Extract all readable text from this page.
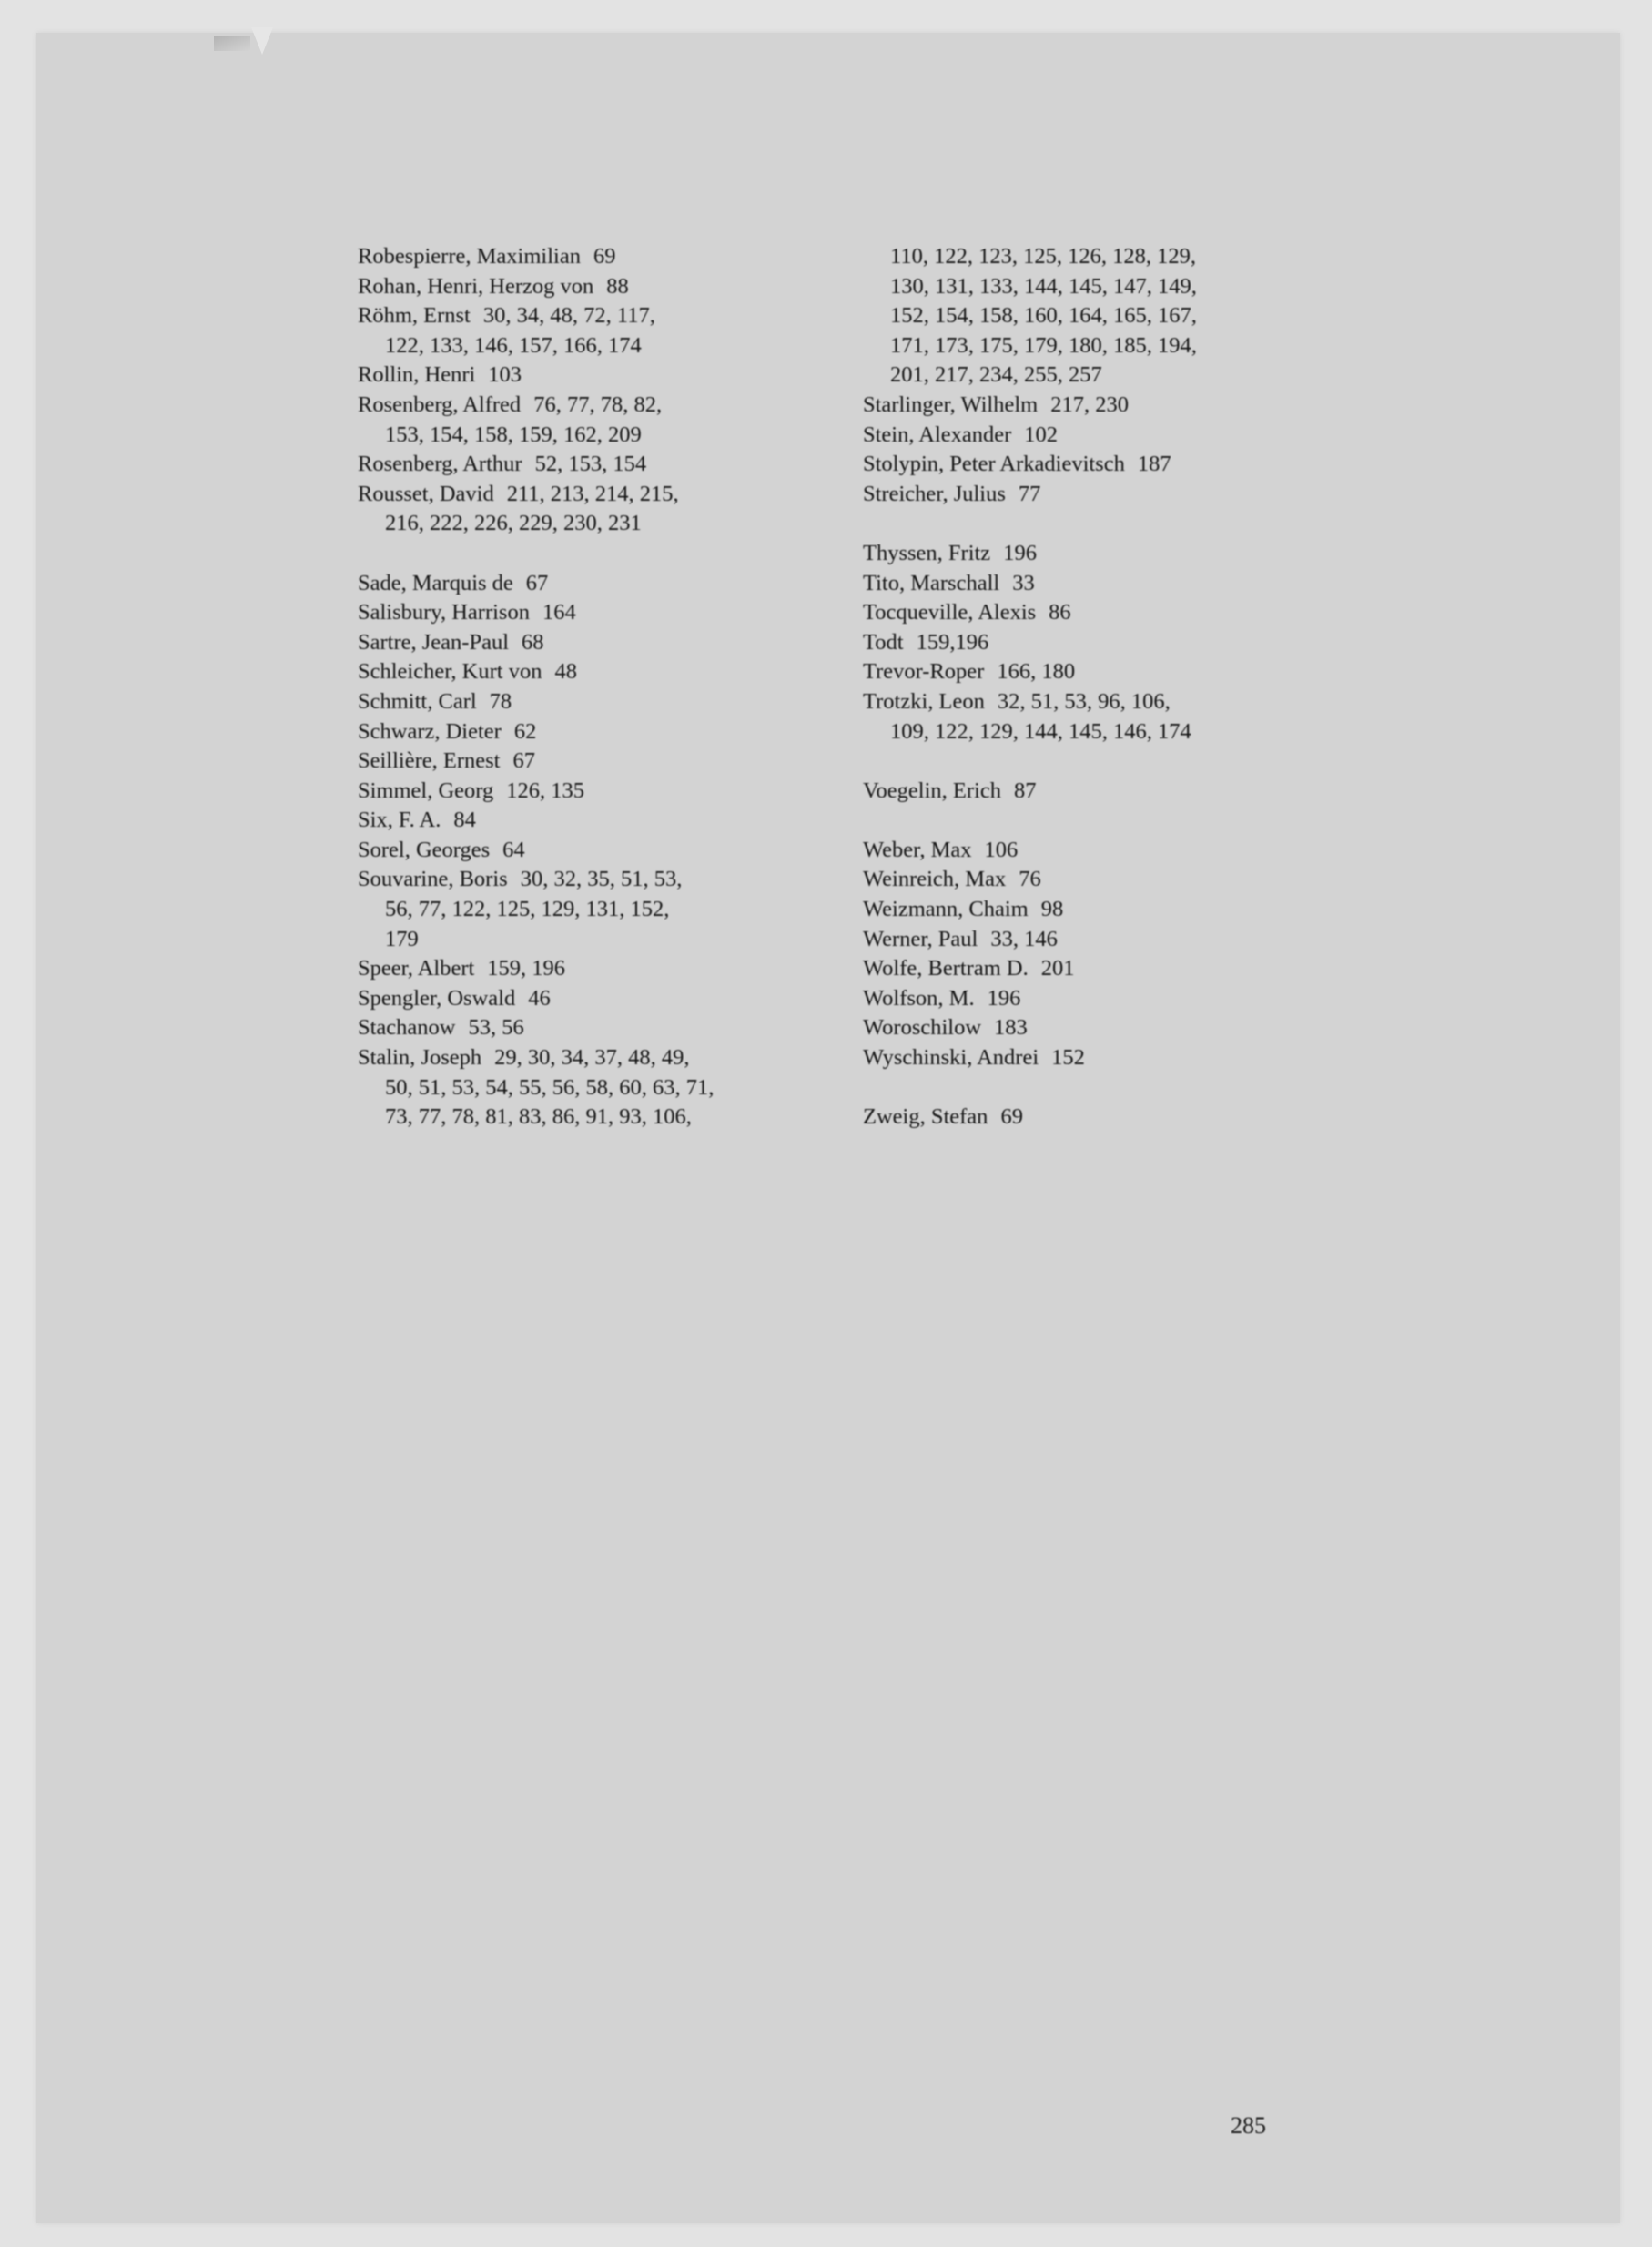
Robespierre, Maximilian 69
Rohan, Henri, Herzog von 88
Röhm, Ernst 30, 34, 48, 72, 117,
122, 133, 146, 157, 166, 174
Rollin, Henri 103
Rosenberg, Alfred 76, 77, 78, 82,
153, 154, 158, 159, 162, 209
Rosenberg, Arthur 52, 153, 154
Rousset, David 211, 213, 214, 215,
216, 222, 226, 229, 230, 231
Sade, Marquis de 67
Salisbury, Harrison 164
Sartre, Jean-Paul 68
Schleicher, Kurt von 48
Schmitt, Carl 78
Schwarz, Dieter 62
Seillière, Ernest 67
Simmel, Georg 126, 135
Six, F. A. 84
Sorel, Georges 64
Souvarine, Boris 30, 32, 35, 51, 53,
56, 77, 122, 125, 129, 131, 152,
179
Speer, Albert 159, 196
Spengler, Oswald 46
Stachanow 53, 56
Stalin, Joseph 29, 30, 34, 37, 48, 49,
50, 51, 53, 54, 55, 56, 58, 60, 63, 71,
73, 77, 78, 81, 83, 86, 91, 93, 106,
110, 122, 123, 125, 126, 128, 129,
130, 131, 133, 144, 145, 147, 149,
152, 154, 158, 160, 164, 165, 167,
171, 173, 175, 179, 180, 185, 194,
201, 217, 234, 255, 257
Starlinger, Wilhelm 217, 230
Stein, Alexander 102
Stolypin, Peter Arkadievitsch 187
Streicher, Julius 77
Thyssen, Fritz 196
Tito, Marschall 33
Tocqueville, Alexis 86
Todt 159,196
Trevor-Roper 166, 180
Trotzki, Leon 32, 51, 53, 96, 106,
109, 122, 129, 144, 145, 146, 174
Voegelin, Erich 87
Weber, Max 106
Weinreich, Max 76
Weizmann, Chaim 98
Werner, Paul 33, 146
Wolfe, Bertram D. 201
Wolfson, M. 196
Woroschilow 183
Wyschinski, Andrei 152
Zweig, Stefan 69
285
